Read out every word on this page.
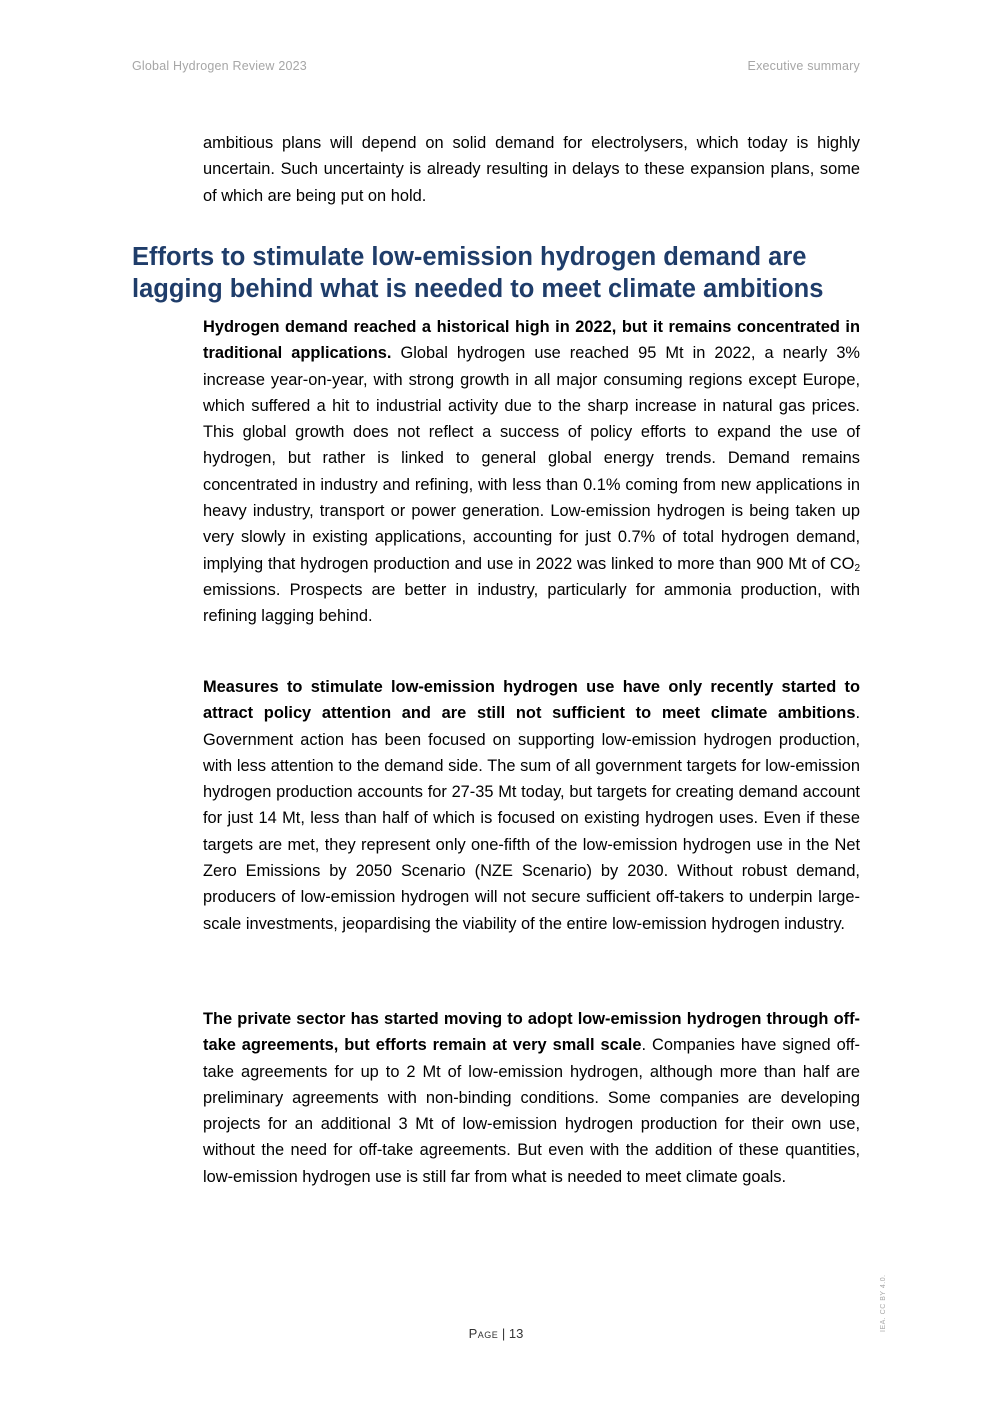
Global Hydrogen Review 2023	Executive summary

ambitious plans will depend on solid demand for electrolysers, which today is highly uncertain. Such uncertainty is already resulting in delays to these expansion plans, some of which are being put on hold.

Efforts to stimulate low-emission hydrogen demand are lagging behind what is needed to meet climate ambitions

Hydrogen demand reached a historical high in 2022, but it remains concentrated in traditional applications. Global hydrogen use reached 95 Mt in 2022, a nearly 3% increase year-on-year, with strong growth in all major consuming regions except Europe, which suffered a hit to industrial activity due to the sharp increase in natural gas prices. This global growth does not reflect a success of policy efforts to expand the use of hydrogen, but rather is linked to general global energy trends. Demand remains concentrated in industry and refining, with less than 0.1% coming from new applications in heavy industry, transport or power generation. Low-emission hydrogen is being taken up very slowly in existing applications, accounting for just 0.7% of total hydrogen demand, implying that hydrogen production and use in 2022 was linked to more than 900 Mt of $CO_2$ emissions. Prospects are better in industry, particularly for ammonia production, with refining lagging behind.

Measures to stimulate low-emission hydrogen use have only recently started to attract policy attention and are still not sufficient to meet climate ambitions. Government action has been focused on supporting low-emission hydrogen production, with less attention to the demand side. The sum of all government targets for low-emission hydrogen production accounts for 27-35 Mt today, but targets for creating demand account for just 14 Mt, less than half of which is focused on existing hydrogen uses. Even if these targets are met, they represent only one-fifth of the low-emission hydrogen use in the Net Zero Emissions by 2050 Scenario (NZE Scenario) by 2030. Without robust demand, producers of low-emission hydrogen will not secure sufficient off-takers to underpin large-scale investments, jeopardising the viability of the entire low-emission hydrogen industry.

The private sector has started moving to adopt low-emission hydrogen through off-take agreements, but efforts remain at very small scale. Companies have signed off-take agreements for up to 2 Mt of low-emission hydrogen, although more than half are preliminary agreements with non-binding conditions. Some companies are developing projects for an additional 3 Mt of low-emission hydrogen production for their own use, without the need for off-take agreements. But even with the addition of these quantities, low-emission hydrogen use is still far from what is needed to meet climate goals.

Page | 13
IEA. CC BY 4.0.
